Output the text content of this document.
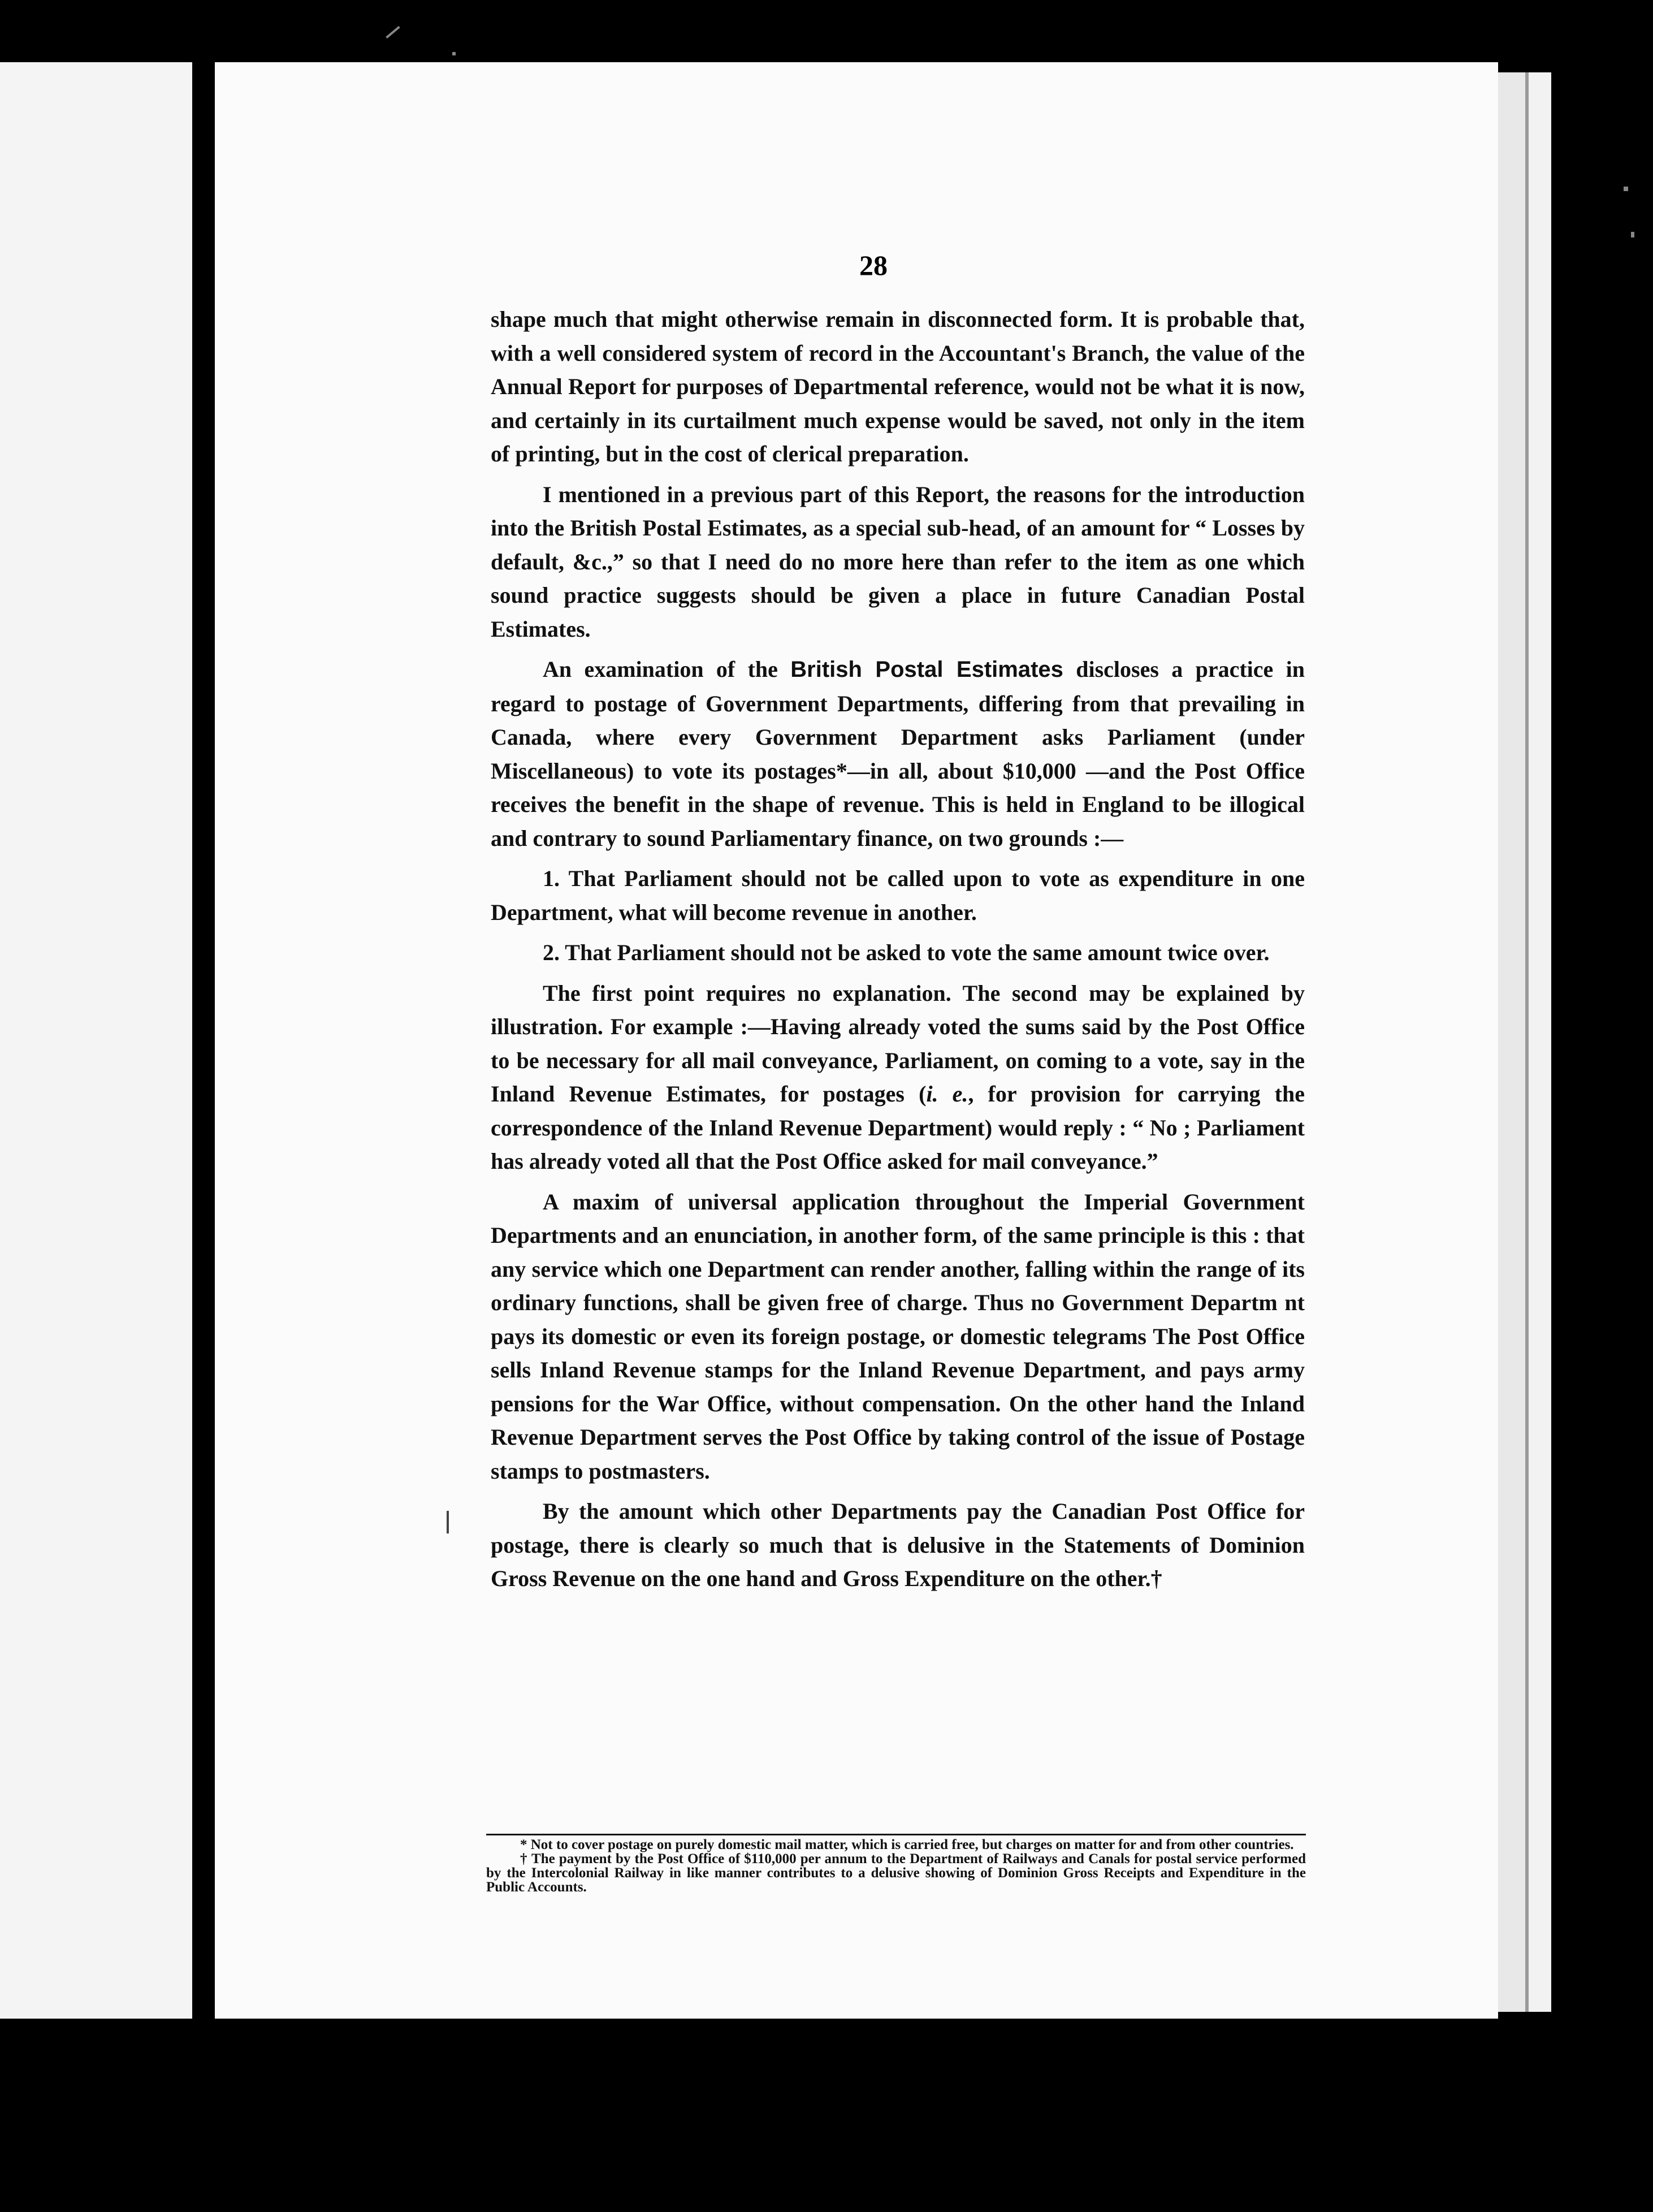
28

shape much that might otherwise remain in disconnected form. It is probable that, with a well considered system of record in the Accountant's Branch, the value of the Annual Report for purposes of Departmental reference, would not be what it is now, and certainly in its curtailment much expense would be saved, not only in the item of printing, but in the cost of clerical preparation.

I mentioned in a previous part of this Report, the reasons for the introduction into the British Postal Estimates, as a special sub-head, of an amount for “ Losses by default, &c.,” so that I need do no more here than refer to the item as one which sound practice suggests should be given a place in future Canadian Postal Estimates.

An examination of the British Postal Estimates discloses a practice in regard to postage of Government Departments, differing from that prevailing in Canada, where every Government Department asks Parliament (under Miscellaneous) to vote its postages*—in all, about $10,000 —and the Post Office receives the benefit in the shape of revenue. This is held in England to be illogical and contrary to sound Parliamentary finance, on two grounds :—

1. That Parliament should not be called upon to vote as expenditure in one Department, what will become revenue in another.

2. That Parliament should not be asked to vote the same amount twice over.

The first point requires no explanation. The second may be explained by illustration. For example :—Having already voted the sums said by the Post Office to be necessary for all mail conveyance, Parliament, on coming to a vote, say in the Inland Revenue Estimates, for postages (i. e., for provision for carrying the correspondence of the Inland Revenue Department) would reply : “ No ; Parliament has already voted all that the Post Office asked for mail conveyance.”

A maxim of universal application throughout the Imperial Government Departments and an enunciation, in another form, of the same principle is this : that any service which one Department can render another, falling within the range of its ordinary functions, shall be given free of charge. Thus no Government Departm nt pays its domestic or even its foreign postage, or domestic telegrams The Post Office sells Inland Revenue stamps for the Inland Revenue Department, and pays army pensions for the War Office, without compensation. On the other hand the Inland Revenue Department serves the Post Office by taking control of the issue of Postage stamps to postmasters.

By the amount which other Departments pay the Canadian Post Office for postage, there is clearly so much that is delusive in the Statements of Dominion Gross Revenue on the one hand and Gross Expenditure on the other.†

* Not to cover postage on purely domestic mail matter, which is carried free, but charges on matter for and from other countries.

† The payment by the Post Office of $110,000 per annum to the Department of Railways and Canals for postal service performed by the Intercolonial Railway in like manner contributes to a delusive showing of Dominion Gross Receipts and Expenditure in the Public Accounts.
